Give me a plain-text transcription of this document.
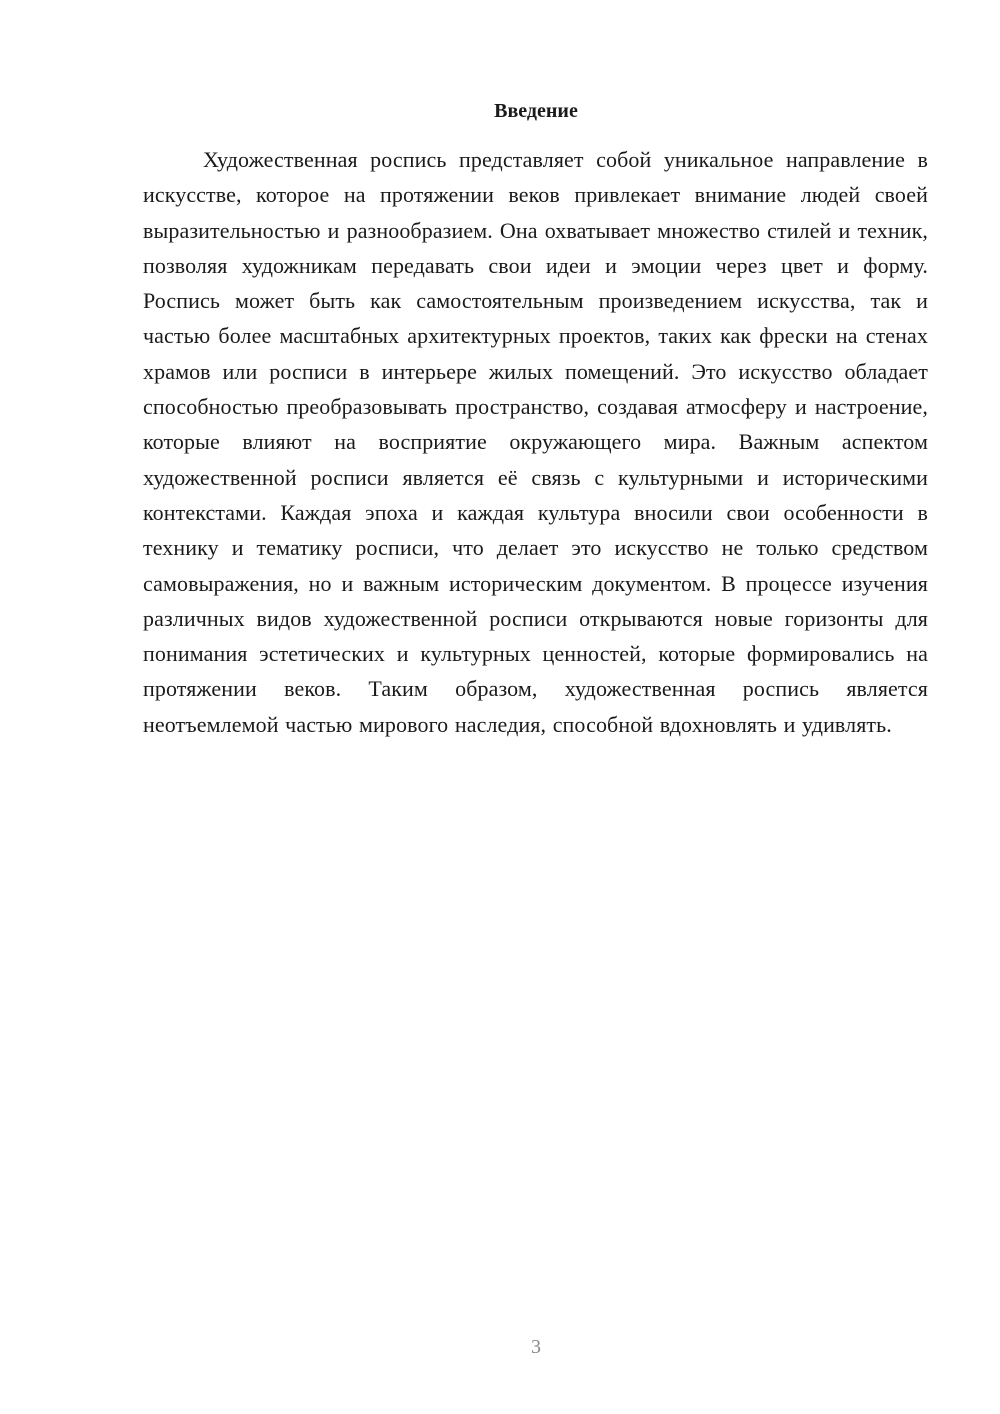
Введение

Художественная роспись представляет собой уникальное направление в искусстве, которое на протяжении веков привлекает внимание людей своей выразительностью и разнообразием. Она охватывает множество стилей и техник, позволяя художникам передавать свои идеи и эмоции через цвет и форму. Роспись может быть как самостоятельным произведением искусства, так и частью более масштабных архитектурных проектов, таких как фрески на стенах храмов или росписи в интерьере жилых помещений. Это искусство обладает способностью преобразовывать пространство, создавая атмосферу и настроение, которые влияют на восприятие окружающего мира. Важным аспектом художественной росписи является её связь с культурными и историческими контекстами. Каждая эпоха и каждая культура вносили свои особенности в технику и тематику росписи, что делает это искусство не только средством самовыражения, но и важным историческим документом. В процессе изучения различных видов художественной росписи открываются новые горизонты для понимания эстетических и культурных ценностей, которые формировались на протяжении веков. Таким образом, художественная роспись является неотъемлемой частью мирового наследия, способной вдохновлять и удивлять.

3
